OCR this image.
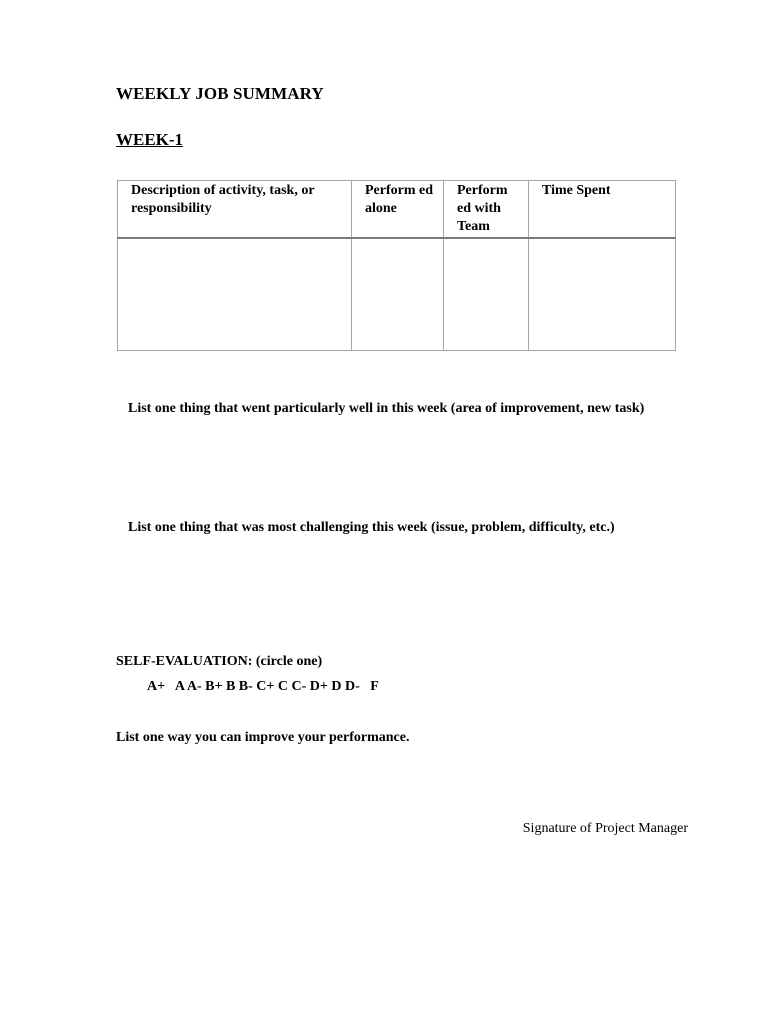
WEEKLY JOB SUMMARY
WEEK-1
Description of activity, task, or responsibility	Perform ed alone	Perform ed with Team	Time Spent

List one thing that went particularly well in this week (area of improvement, new task)
List one thing that was most challenging this week (issue, problem, difficulty, etc.)
SELF-EVALUATION: (circle one)
A+   A A- B+ B B- C+ C C- D+ D D-   F
List one way you can improve your performance.
Signature of Project Manager
